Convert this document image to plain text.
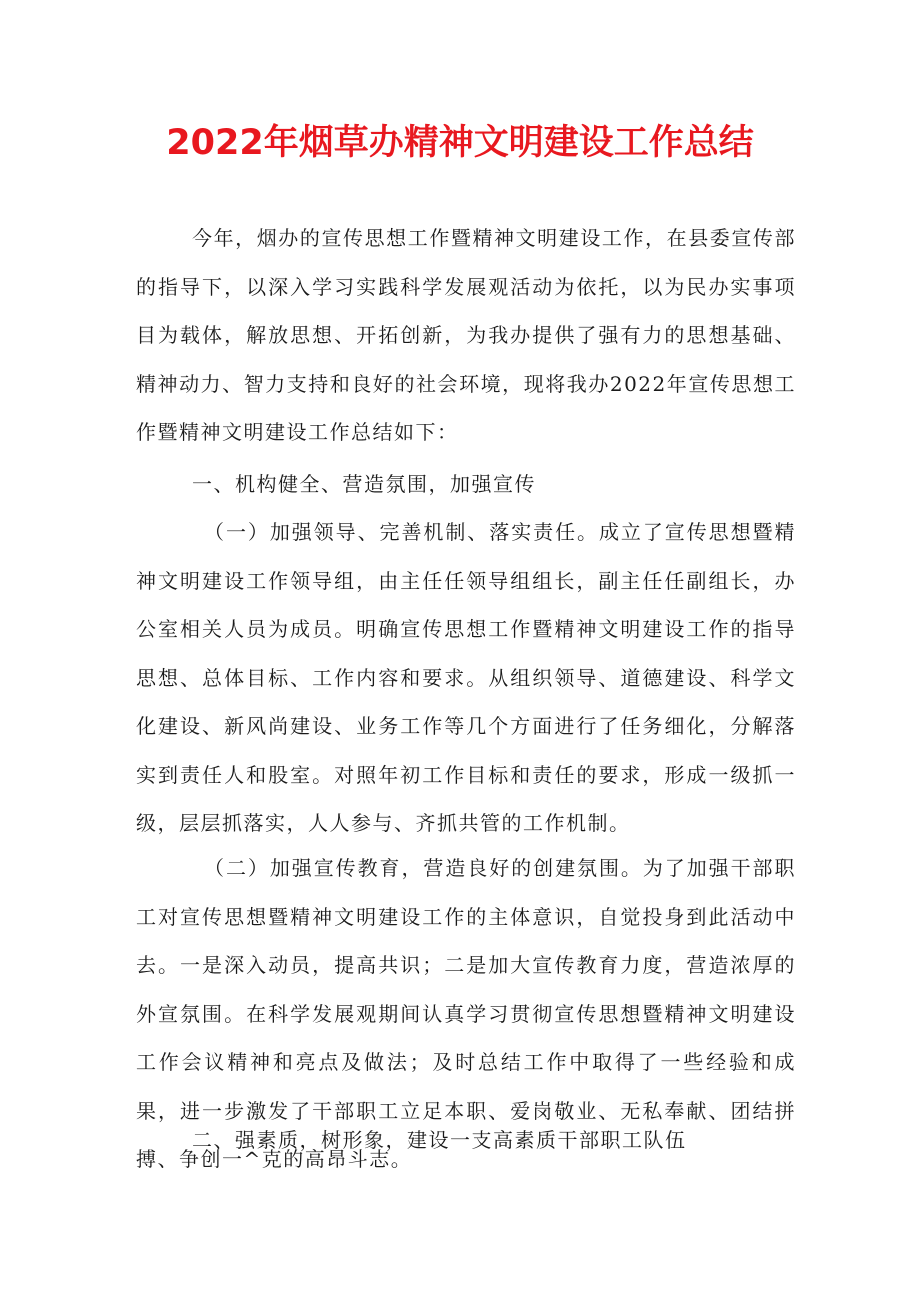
2022年烟草办精神文明建设工作总结

今年，烟办的宣传思想工作暨精神文明建设工作，在县委宣传部的指导下，以深入学习实践科学发展观活动为依托，以为民办实事项目为载体，解放思想、开拓创新，为我办提供了强有力的思想基础、精神动力、智力支持和良好的社会环境，现将我办2022年宣传思想工作暨精神文明建设工作总结如下：

一、机构健全、营造氛围，加强宣传

（一）加强领导、完善机制、落实责任。成立了宣传思想暨精神文明建设工作领导组，由主任任领导组组长，副主任任副组长，办公室相关人员为成员。明确宣传思想工作暨精神文明建设工作的指导思想、总体目标、工作内容和要求。从组织领导、道德建设、科学文化建设、新风尚建设、业务工作等几个方面进行了任务细化，分解落实到责任人和股室。对照年初工作目标和责任的要求，形成一级抓一级，层层抓落实，人人参与、齐抓共管的工作机制。

（二）加强宣传教育，营造良好的创建氛围。为了加强干部职工对宣传思想暨精神文明建设工作的主体意识，自觉投身到此活动中去。一是深入动员，提高共识；二是加大宣传教育力度，营造浓厚的外宣氛围。在科学发展观期间认真学习贯彻宣传思想暨精神文明建设工作会议精神和亮点及做法；及时总结工作中取得了一些经验和成果，进一步激发了干部职工立足本职、爱岗敬业、无私奉献、团结拼搏、争创一^克的高昂斗志。

二、强素质，树形象，建设一支高素质干部职工队伍
